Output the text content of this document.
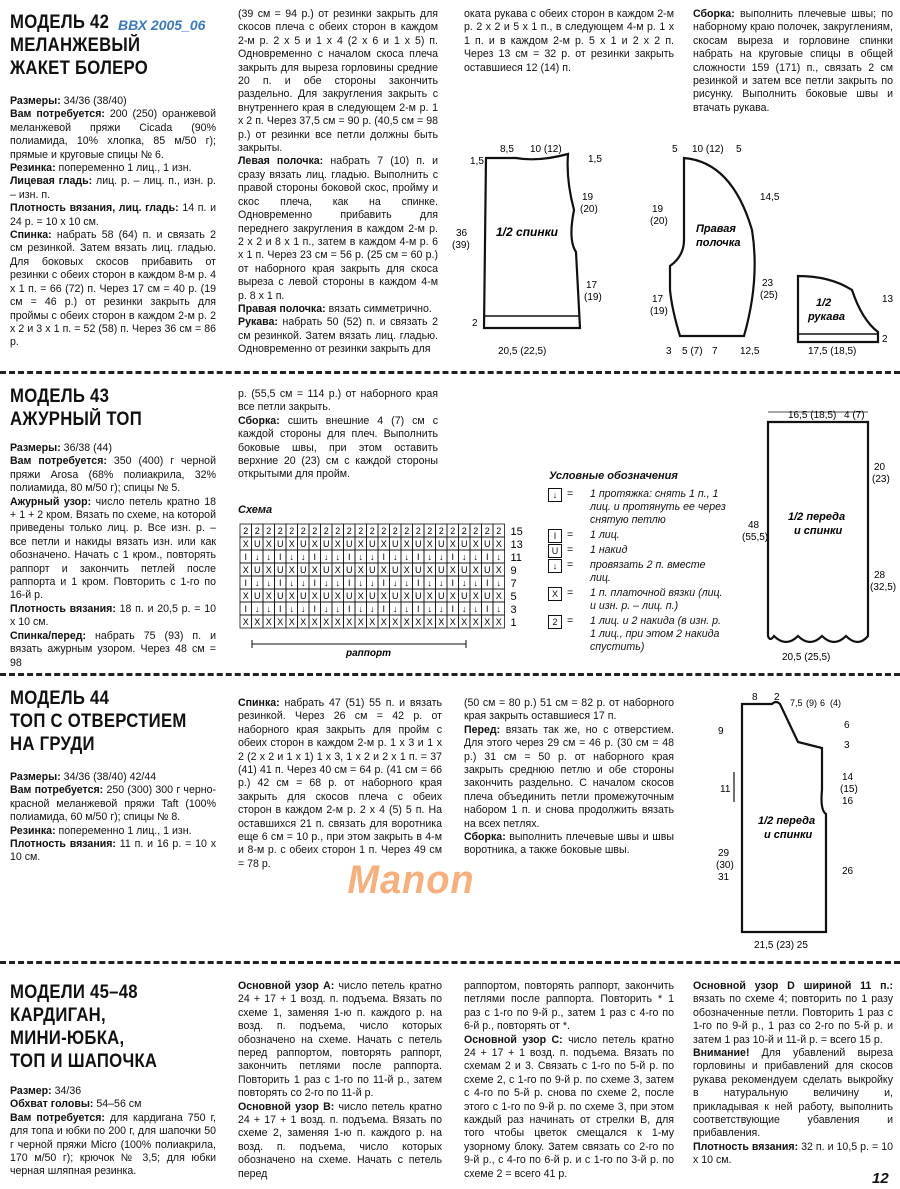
МОДЕЛЬ 42 ВВХ 2005_06
МЕЛАНЖЕВЫЙ
ЖАКЕТ БОЛЕРО

Размеры: 34/36 (38/40)

Вам потребуется: 200 (250) оранжевой меланжевой пряжи Cicada (90% полиамида, 10% хлопка, 85 м/50 г); прямые и круговые спицы № 6.

Резинка: попеременно 1 лиц., 1 изн.

Лицевая гладь: лиц. р. – лиц. п., изн. р. – изн. п.

Плотность вязания, лиц. гладь: 14 п. и 24 р. = 10 x 10 см.

Спинка: набрать 58 (64) п. и связать 2 см резинкой. Затем вязать лиц. гладью. Для боковых скосов прибавить от резинки с обеих сторон в каждом 8-м р. 4 x 1 п. = 66 (72) п. Через 17 см = 40 р. (19 см = 46 р.) от резинки закрыть для проймы с обеих сторон в каждом 2-м р. 2 x 2 и 3 x 1 п. = 52 (58) п. Через 36 см = 86 р.

(39 см = 94 р.) от резинки закрыть для скосов плеча с обеих сторон в каждом 2-м р. 2 x 5 и 1 x 4 (2 x 6 и 1 x 5) п. Одновременно с началом скоса плеча закрыть для выреза горловины средние 20 п. и обе стороны закончить раздельно. Для закругления закрыть с внутреннего края в следующем 2-м р. 1 x 2 п. Через 37,5 см = 90 р. (40,5 см = 98 р.) от резинки все петли должны быть закрыты.

Левая полочка: набрать 7 (10) п. и сразу вязать лиц. гладью. Выполнить с правой стороны боковой скос, пройму и скос плеча, как на спинке. Одновременно прибавить для переднего закругления в каждом 2-м р. 2 x 2 и 8 x 1 п., затем в каждом 4-м р. 6 x 1 п. Через 23 см = 56 р. (25 см = 60 р.) от наборного края закрыть для скоса выреза с левой стороны в каждом 4-м р. 8 x 1 п.

Правая полочка: вязать симметрично.

Рукава: набрать 50 (52) п. и связать 2 см резинкой. Затем вязать лиц. гладью. Одновременно от резинки закрыть для

оката рукава с обеих сторон в каждом 2-м р. 2 x 2 и 5 x 1 п., в следующем 4-м р. 1 x 1 п. и в каждом 2-м р. 5 x 1 и 2 x 2 п. Через 13 см = 32 р. от резинки закрыть оставшиеся 12 (14) п.

Сборка: выполнить плечевые швы; по наборному краю полочек, закруглениям, скосам выреза и горловине спинки набрать на круговые спицы в общей сложности 159 (171) п., связать 2 см резинкой и затем все петли закрыть по рисунку. Выполнить боковые швы и втачать рукава.

1,5
8,5 10 (12)
1,5
36
(39)
19
(20)
17
(19)
2
20,5 (22,5)
1/2 спинки
5 10 (12) 5
19
(20)
17
(19)
14,5
23
(25)
3 5 (7) 7 12,5
Правая
полочка
13
17,5 (18,5)
2
1/2
рукава
МОДЕЛЬ 43
АЖУРНЫЙ ТОП

Размеры: 36/38 (44)

Вам потребуется: 350 (400) г черной пряжи Arosa (68% полиакрила, 32% полиамида, 80 м/50 г); спицы № 5.

Ажурный узор: число петель кратно 18 + 1 + 2 кром. Вязать по схеме, на которой приведены только лиц. р. Все изн. р. – все петли и накиды вязать изн. или как обозначено. Начать с 1 кром., повторять раппорт и закончить петлей после раппорта и 1 кром. Повторить с 1-го по 16-й р.

Плотность вязания: 18 п. и 20,5 р. = 10 x 10 см.

Спинка/перед: набрать 75 (93) п. и вязать ажурным узором. Через 48 см = 98

р. (55,5 см = 114 р.) от наборного края все петли закрыть.

Сборка: сшить внешние 4 (7) см с каждой стороны для плеч. Выполнить боковые швы, при этом оставить верхние 20 (23) см с каждой стороны открытыми для пройм.

Схема
2 2 2 2 2 2 2 2 2 2 2 2 2 2 2 2 2 2 2 2 2 2 2
X U X U X U X U X U X U X U X U X U X U X U X
I ↓ ↓ I ↓ ↓ I ↓ ↓ I ↓ ↓ I ↓ ↓ I ↓ ↓ I ↓ ↓ I ↓
X U X U X U X U X U X U X U X U X U X U X U X
I ↓ ↓ I ↓ ↓ I ↓ ↓ I ↓ ↓ I ↓ ↓ I ↓ ↓ I ↓ ↓ I ↓
X U X U X U X U X U X U X U X U X U X U X U X
I ↓ ↓ I ↓ ↓ I ↓ ↓ I ↓ ↓ I ↓ ↓ I ↓ ↓ I ↓ ↓ I ↓
X X X X X X X X X X X X X X X X X X X X X X X
15
13
11
9
7
5
3
1
раппорт
Условные обозначения
↓ = 1 протяжка: снять 1 п., 1 лиц. и протянуть ее через снятую петлю
I	= 1 лиц.
U = 1 накид
↓ = провязать 2 п. вместе лиц.
X = 1 п. платочной вязки (лиц. и изн. р. – лиц. п.)
2 = 1 лиц. и 2 накида (в изн. р. 1 лиц., при этом 2 накида спустить)
16,5 (18,5) 4 (7)
20
(23)
28
(32,5)
48
(55,5)
20,5 (25,5)
1/2 переда
и спинки
МОДЕЛЬ 44
ТОП С ОТВЕРСТИЕМ
НА ГРУДИ

Размеры: 34/36 (38/40) 42/44

Вам потребуется: 250 (300) 300 г черно-красной меланжевой пряжи Taft (100% полиамида, 60 м/50 г); спицы № 8.

Резинка: попеременно 1 лиц., 1 изн.

Плотность вязания: 11 п. и 16 р. = 10 x 10 см.

Спинка: набрать 47 (51) 55 п. и вязать резинкой. Через 26 см = 42 р. от наборного края закрыть для пройм с обеих сторон в каждом 2-м р. 1 x 3 и 1 x 2 (2 x 2 и 1 x 1) 1 x 3, 1 x 2 и 2 x 1 п. = 37 (41) 41 п. Через 40 см = 64 р. (41 см = 66 р.) 42 см = 68 р. от наборного края закрыть для скосов плеча с обеих сторон в каждом 2-м р. 2 x 4 (5) 5 п. На оставшихся 21 п. связать для воротника еще 6 см = 10 р., при этом закрыть в 4-м и 8-м р. с обеих сторон 1 п. Через 49 см = 78 р.

(50 см = 80 р.) 51 см = 82 р. от наборного края закрыть оставшиеся 17 п.

Перед: вязать так же, но с отверстием. Для этого через 29 см = 46 р. (30 см = 48 р.) 31 см = 50 р. от наборного края закрыть среднюю петлю и обе стороны закончить раздельно. С началом скосов плеча объединить петли промежуточным набором 1 п. и снова продолжить вязать на всех петлях.

Сборка: выполнить плечевые швы и швы воротника, а также боковые швы.

8 2 7,5 (9) 6 (4)
6
3
14
(15)
16
26
9
11
29
(30)
31
21,5 (23) 25
1/2 переда
и спинки
Manon
МОДЕЛИ 45–48
КАРДИГАН,
МИНИ-ЮБКА,
ТОП И ШАПОЧКА

Размер: 34/36

Обхват головы: 54–56 см

Вам потребуется: для кардигана 750 г, для топа и юбки по 200 г, для шапочки 50 г черной пряжи Micro (100% полиакрила, 170 м/50 г); крючок № 3,5; для юбки черная шляпная резинка.

Основной узор А: число петель кратно 24 + 17 + 1 возд. п. подъема. Вязать по схеме 1, заменяя 1-ю п. каждого р. на возд. п. подъема, число которых обозначено на схеме. Начать с петель перед раппортом, повторять раппорт, закончить петлями после раппорта. Повторить 1 раз с 1-го по 11-й р., затем повторять со 2-го по 11-й р.

Основной узор В: число петель кратно 24 + 17 + 1 возд. п. подъема. Вязать по схеме 2, заменяя 1-ю п. каждого р. на возд. п. подъема, число которых обозначено на схеме. Начать с петель перед

раппортом, повторять раппорт, закончить петлями после раппорта. Повторить * 1 раз с 1-го по 9-й р., затем 1 раз с 4-го по 6-й р., повторять от *.

Основной узор С: число петель кратно 24 + 17 + 1 возд. п. подъема. Вязать по схемам 2 и 3. Связать с 1-го по 5-й р. по схеме 2, с 1-го по 9-й р. по схеме 3, затем с 4-го по 5-й р. снова по схеме 2, после этого с 1-го по 9-й р. по схеме 3, при этом каждый раз начинать от стрелки В, для того чтобы цветок смещался к 1-му узорному блоку. Затем связать со 2-го по 9-й р., с 4-го по 6-й р. и с 1-го по 3-й р. по схеме 2 = всего 41 р.

Основной узор D шириной 11 п.: вязать по схеме 4; повторить по 1 разу обозначенные петли. Повторить 1 раз с 1-го по 9-й р., 1 раз со 2-го по 5-й р. и затем 1 раз 10-й и 11-й р. = всего 15 р.

Внимание! Для убавлений выреза горловины и прибавлений для скосов рукава рекомендуем сделать выкройку в натуральную величину и, прикладывая к ней работу, выполнить соответствующие убавления и прибавления.

Плотность вязания: 32 п. и 10,5 р. = 10 x 10 см.

12
